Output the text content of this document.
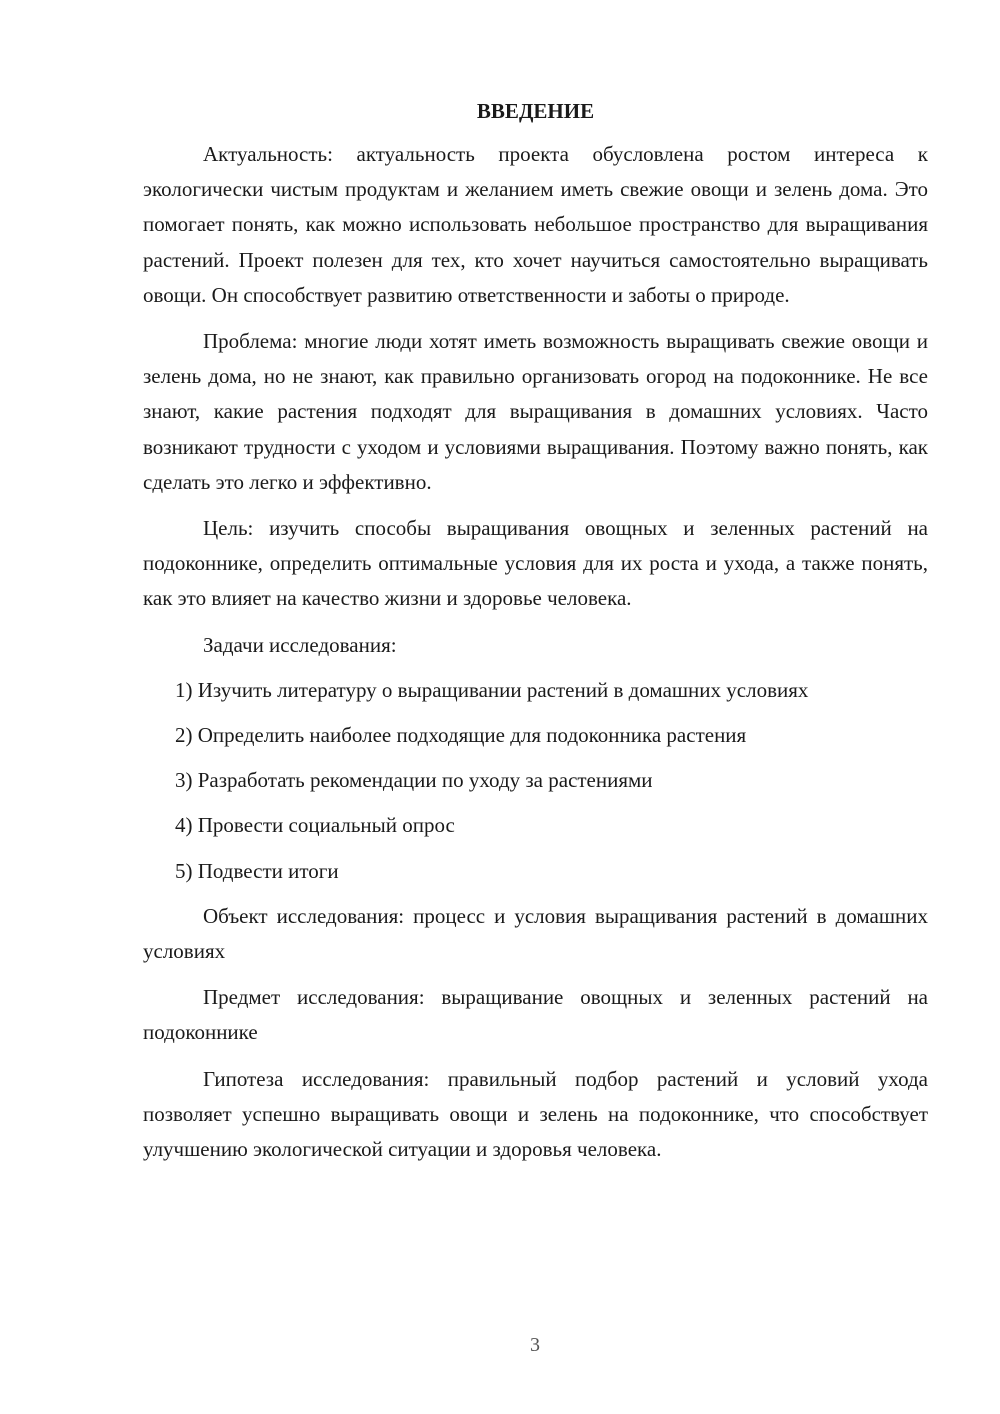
ВВЕДЕНИЕ

Актуальность: актуальность проекта обусловлена ростом интереса к экологически чистым продуктам и желанием иметь свежие овощи и зелень дома. Это помогает понять, как можно использовать небольшое пространство для выращивания растений. Проект полезен для тех, кто хочет научиться самостоятельно выращивать овощи. Он способствует развитию ответственности и заботы о природе.

Проблема: многие люди хотят иметь возможность выращивать свежие овощи и зелень дома, но не знают, как правильно организовать огород на подоконнике. Не все знают, какие растения подходят для выращивания в домашних условиях. Часто возникают трудности с уходом и условиями выращивания. Поэтому важно понять, как сделать это легко и эффективно.

Цель: изучить способы выращивания овощных и зеленных растений на подоконнике, определить оптимальные условия для их роста и ухода, а также понять, как это влияет на качество жизни и здоровье человека.

Задачи исследования:

1) Изучить литературу о выращивании растений в домашних условиях
2) Определить наиболее подходящие для подоконника растения
3) Разработать рекомендации по уходу за растениями
4) Провести социальный опрос
5) Подвести итоги

Объект исследования: процесс и условия выращивания растений в домашних условиях

Предмет исследования: выращивание овощных и зеленных растений на подоконнике

Гипотеза исследования: правильный подбор растений и условий ухода позволяет успешно выращивать овощи и зелень на подоконнике, что способствует улучшению экологической ситуации и здоровья человека.

3
